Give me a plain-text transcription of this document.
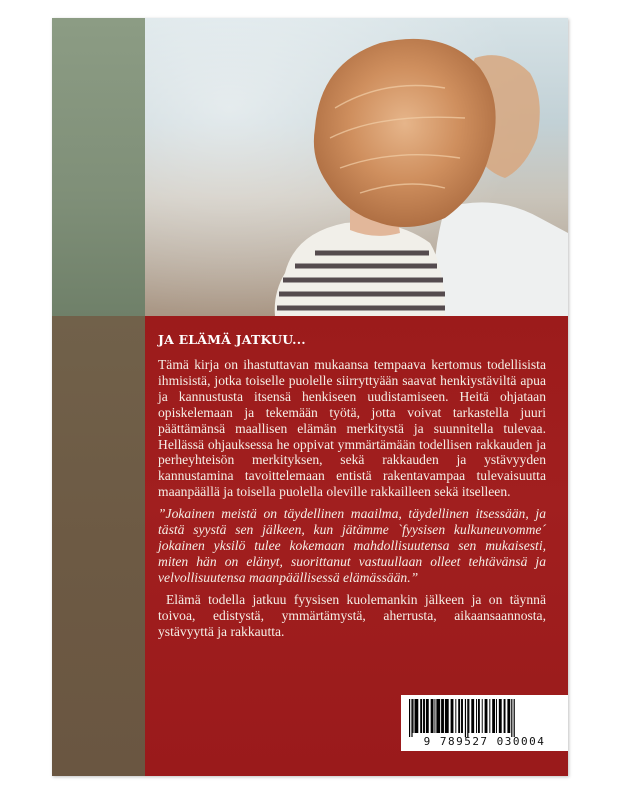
JA ELÄMÄ JATKUU...

Tämä kirja on ihastuttavan mukaansa tempaava kertomus todellisista ihmisistä, jotka toiselle puolelle siirryttyään saavat henkiystäviltä apua ja kannustusta itsensä henkiseen uudistamiseen. Heitä ohjataan opiskelemaan ja tekemään työtä, jotta voivat tarkastella juuri päättämänsä maallisen elämän merkitystä ja suunnitella tulevaa. Hellässä ohjauksessa he oppivat ymmärtämään todellisen rakkauden ja perheyhteisön merkityksen, sekä rakkauden ja ystävyyden kannustamina tavoittelemaan entistä rakentavampaa tulevaisuutta maanpäällä ja toisella puolella oleville rakkailleen sekä itselleen.

”Jokainen meistä on täydellinen maailma, täydellinen itsessään, ja tästä syystä sen jälkeen, kun jätämme `fyysisen kulkuneuvomme´ jokainen yksilö tulee kokemaan mahdollisuutensa sen mukaisesti, miten hän on elänyt, suorittanut vastuullaan olleet tehtävänsä ja velvollisuutensa maanpäällisessä elämässään.”

Elämä todella jatkuu fyysisen kuolemankin jälkeen ja on täynnä toivoa, edistystä, ymmärtämystä, aherrusta, aikaansaannosta, ystävyyttä ja rakkautta.

9 789527 030004
